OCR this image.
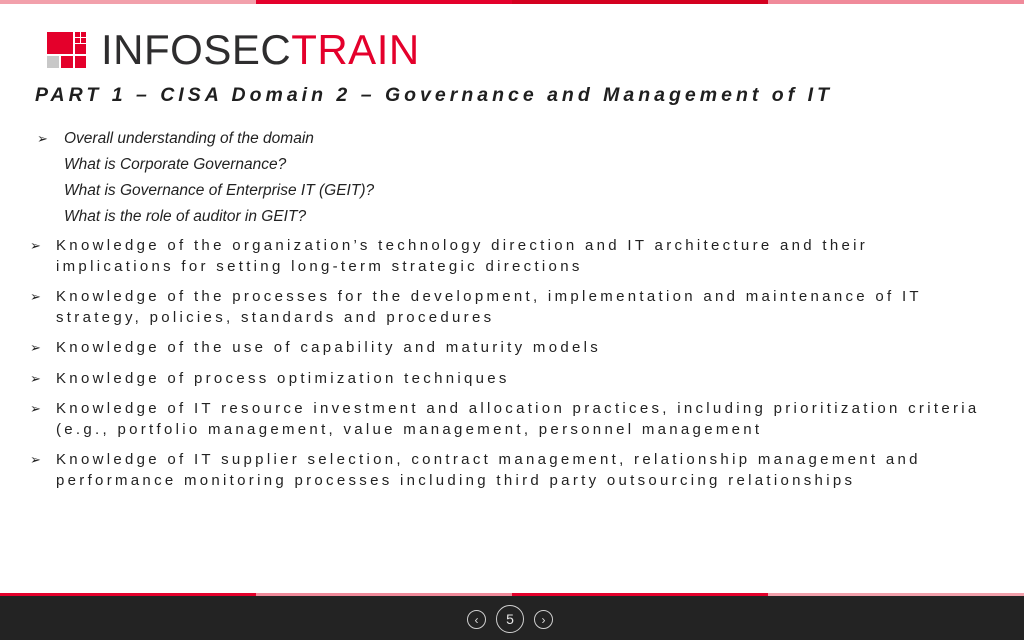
INFOSECTRAIN
PART 1 – CISA Domain 2 – Governance and Management of IT
➢	Overall understanding of the domain
What is Corporate Governance?
What is Governance of Enterprise IT (GEIT)?
What is the role of auditor in GEIT?
➢	Knowledge of the organization’s technology direction and IT architecture and their implications for setting long-term strategic directions
➢	Knowledge of the processes for the development, implementation and maintenance of IT strategy, policies, standards and procedures
➢	Knowledge of the use of capability and maturity models
➢	Knowledge of process optimization techniques
➢	Knowledge of IT resource investment and allocation practices, including prioritization criteria (e.g., portfolio management, value management, personnel management
➢	Knowledge of IT supplier selection, contract management, relationship management and performance monitoring processes including third party outsourcing relationships
‹	5	›
